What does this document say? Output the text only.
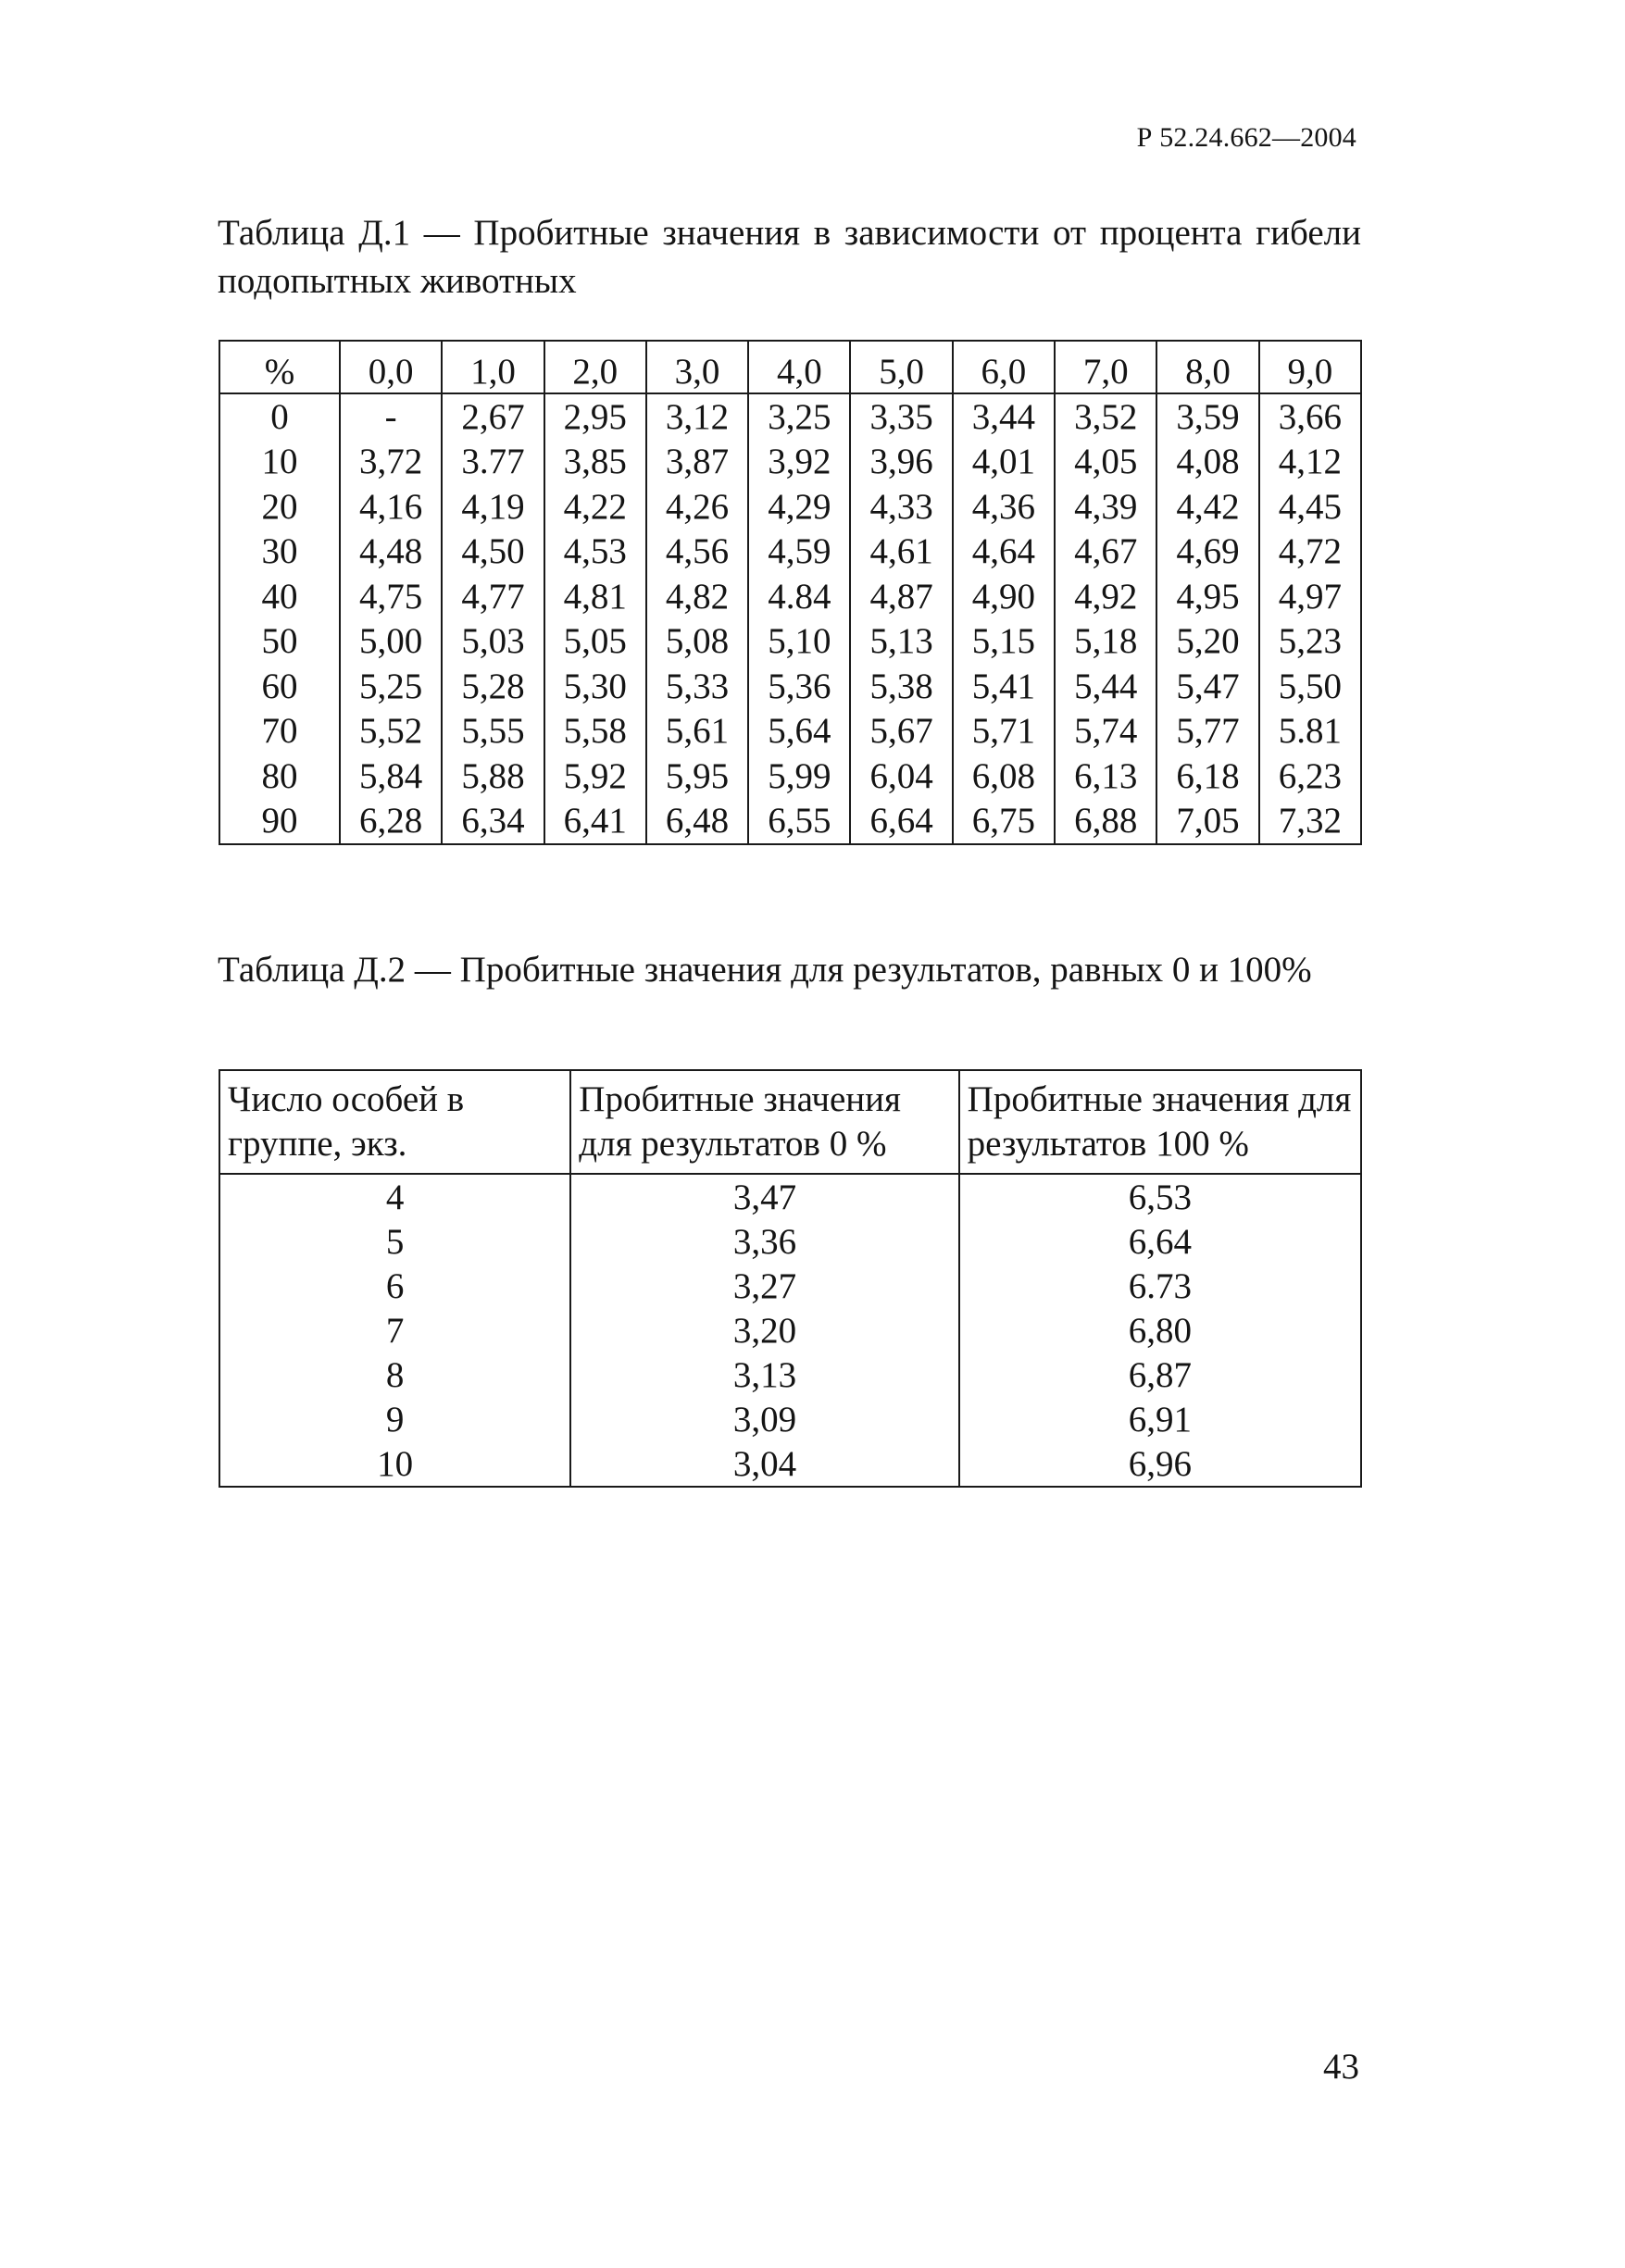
Р 52.24.662—2004
Таблица Д.1 — Пробитные значения в зависимости от процента гибели подопытных животных
%	0,0	1,0	2,0	3,0	4,0	5,0	6,0	7,0	8,0	9,0
0	-	2,67	2,95	3,12	3,25	3,35	3,44	3,52	3,59	3,66
10	3,72	3.77	3,85	3,87	3,92	3,96	4,01	4,05	4,08	4,12
20	4,16	4,19	4,22	4,26	4,29	4,33	4,36	4,39	4,42	4,45
30	4,48	4,50	4,53	4,56	4,59	4,61	4,64	4,67	4,69	4,72
40	4,75	4,77	4,81	4,82	4.84	4,87	4,90	4,92	4,95	4,97
50	5,00	5,03	5,05	5,08	5,10	5,13	5,15	5,18	5,20	5,23
60	5,25	5,28	5,30	5,33	5,36	5,38	5,41	5,44	5,47	5,50
70	5,52	5,55	5,58	5,61	5,64	5,67	5,71	5,74	5,77	5.81
80	5,84	5,88	5,92	5,95	5,99	6,04	6,08	6,13	6,18	6,23
90	6,28	6,34	6,41	6,48	6,55	6,64	6,75	6,88	7,05	7,32
Таблица Д.2 — Пробитные значения для результатов, равных 0 и 100%
Число особей в группе, экз.	Пробитные значения для результатов 0 %	Пробитные значения для результатов 100 %
4	3,47	6,53
5	3,36	6,64
6	3,27	6.73
7	3,20	6,80
8	3,13	6,87
9	3,09	6,91
10	3,04	6,96
43
